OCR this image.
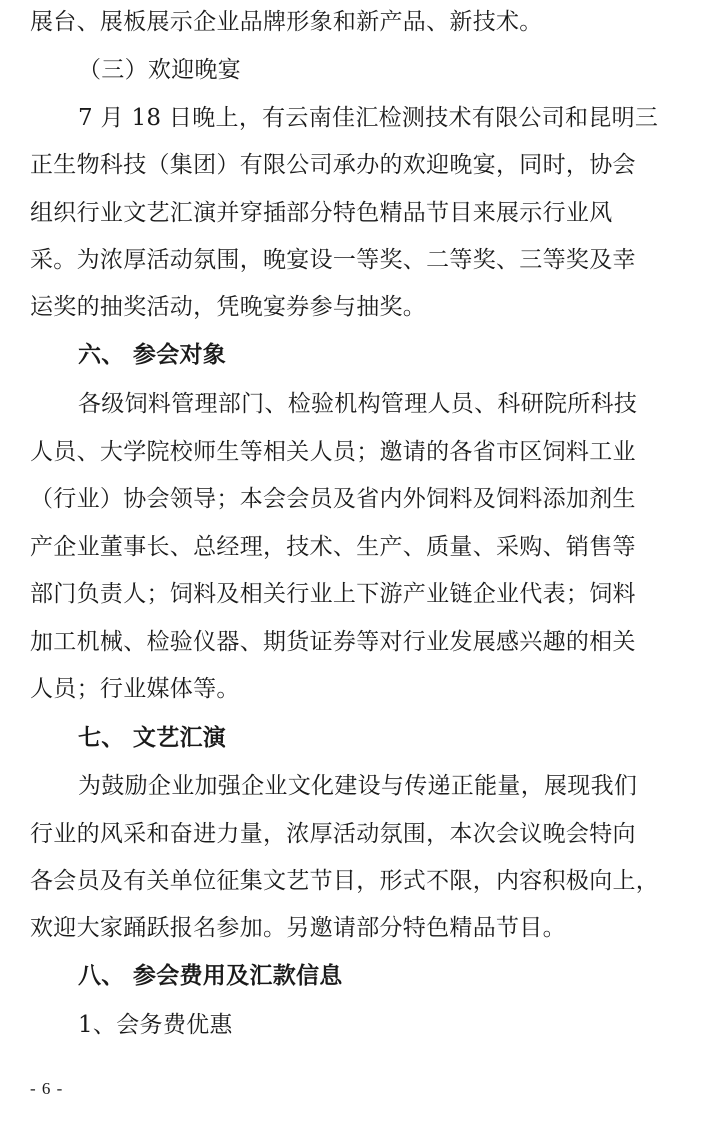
展台、展板展示企业品牌形象和新产品、新技术。
（三）欢迎晚宴
7 月 18 日晚上，有云南佳汇检测技术有限公司和昆明三
正生物科技（集团）有限公司承办的欢迎晚宴，同时，协会
组织行业文艺汇演并穿插部分特色精品节目来展示行业风
采。为浓厚活动氛围，晚宴设一等奖、二等奖、三等奖及幸
运奖的抽奖活动，凭晚宴券参与抽奖。
六、 参会对象
各级饲料管理部门、检验机构管理人员、科研院所科技
人员、大学院校师生等相关人员；邀请的各省市区饲料工业
（行业）协会领导；本会会员及省内外饲料及饲料添加剂生
产企业董事长、总经理，技术、生产、质量、采购、销售等
部门负责人；饲料及相关行业上下游产业链企业代表；饲料
加工机械、检验仪器、期货证券等对行业发展感兴趣的相关
人员；行业媒体等。
七、 文艺汇演
为鼓励企业加强企业文化建设与传递正能量，展现我们
行业的风采和奋进力量，浓厚活动氛围，本次会议晚会特向
各会员及有关单位征集文艺节目，形式不限，内容积极向上，
欢迎大家踊跃报名参加。另邀请部分特色精品节目。
八、 参会费用及汇款信息
1、会务费优惠
- 6 -
